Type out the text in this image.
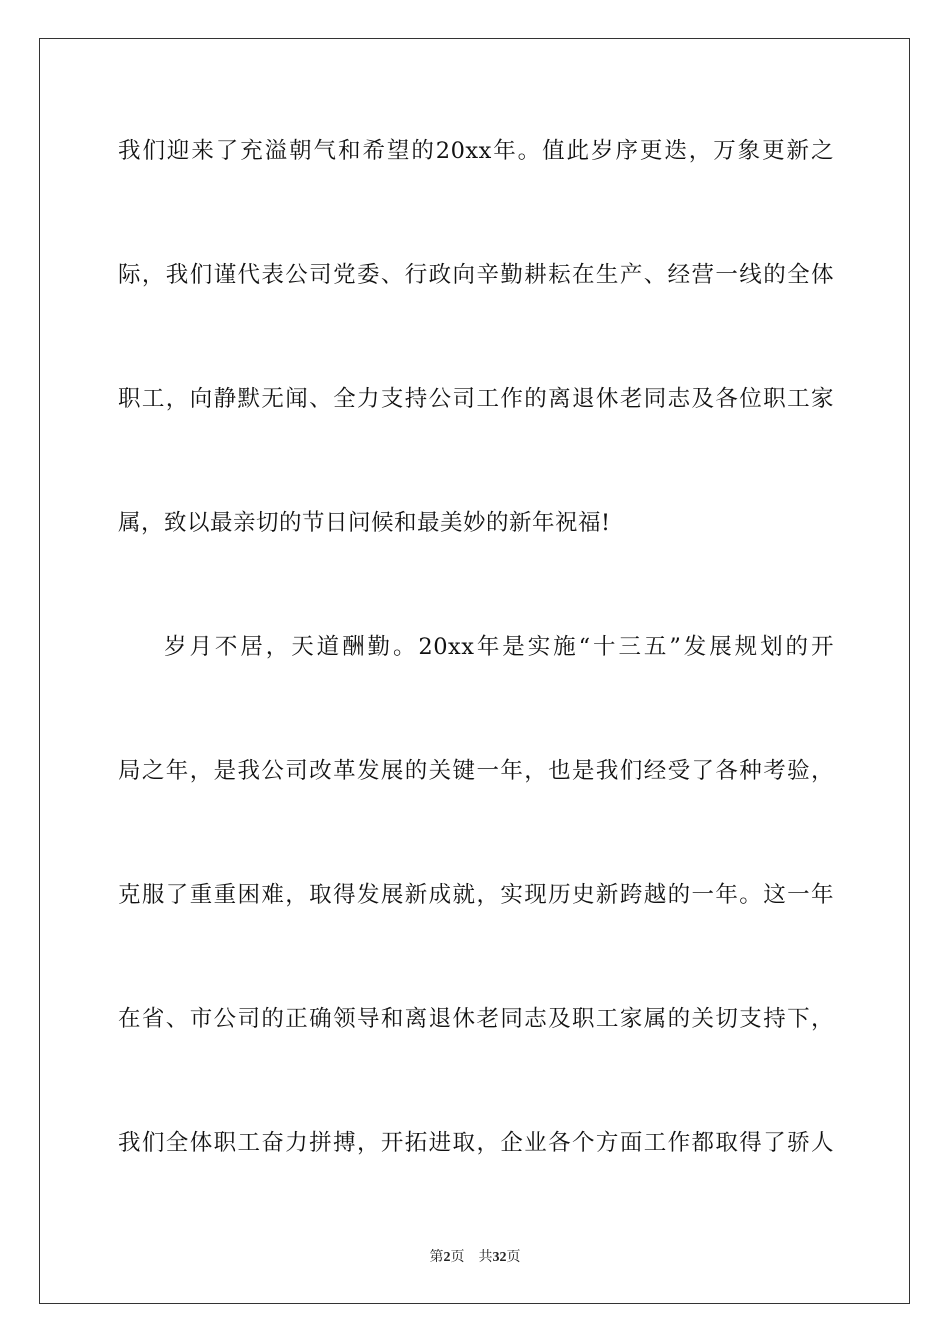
我们迎来了充溢朝气和希望的20xx年。值此岁序更迭，万象更新之
际，我们谨代表公司党委、行政向辛勤耕耘在生产、经营一线的全体
职工，向静默无闻、全力支持公司工作的离退休老同志及各位职工家
属，致以最亲切的节日问候和最美妙的新年祝福!
岁月不居，天道酬勤。20xx年是实施“十三五”发展规划的开
局之年，是我公司改革发展的关键一年，也是我们经受了各种考验，
克服了重重困难，取得发展新成就，实现历史新跨越的一年。这一年
在省、市公司的正确领导和离退休老同志及职工家属的关切支持下，
我们全体职工奋力拼搏，开拓进取，企业各个方面工作都取得了骄人
第2页 共32页
